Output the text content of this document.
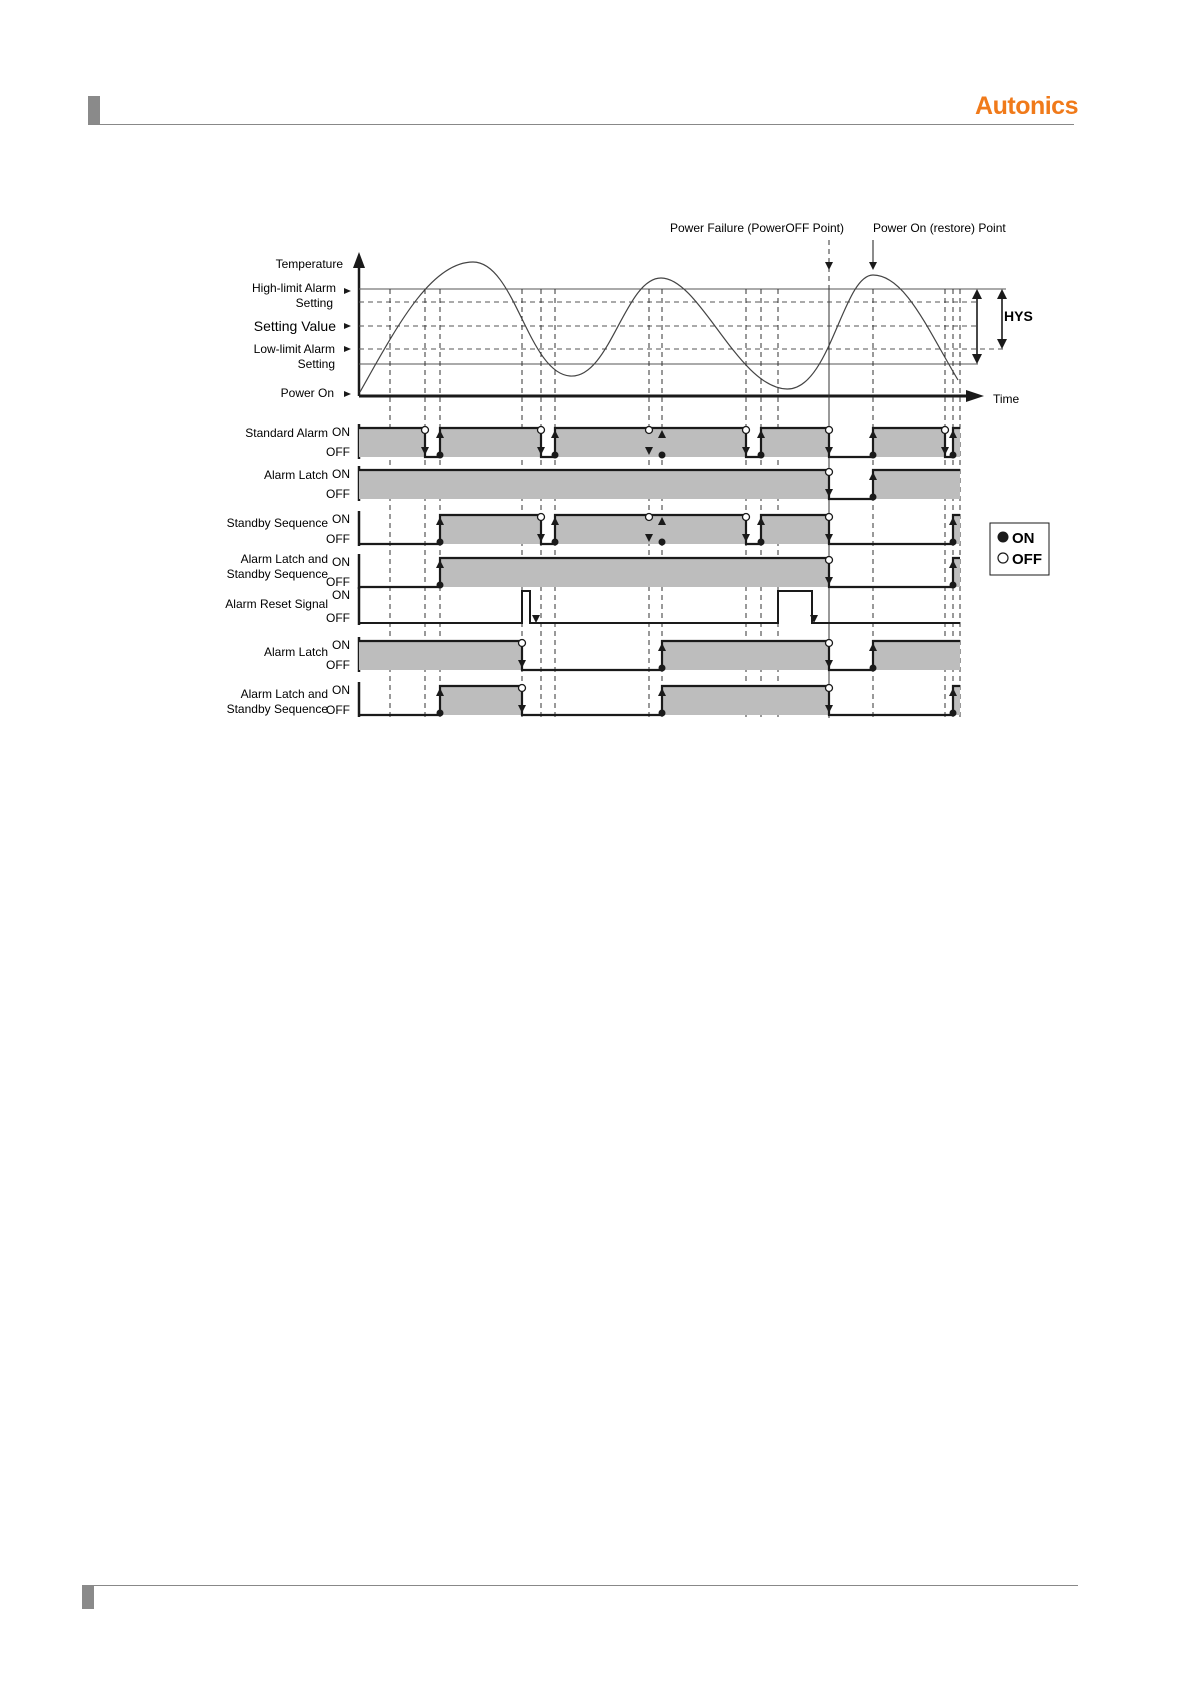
Autonics
Power Failure (PowerOFF Point) Power On (restore) Point
Temperature
High-limit Alarm
Setting
Setting Value
Low-limit Alarm
Setting
Power On	Time
HYS
ON
OFF
Standard Alarm
ON
OFF
Alarm Latch
ON
OFF
Standby Sequence
ON
OFF
Alarm Latch and
Standby Sequence
ON
OFF
Alarm Reset Signal
ON
OFF
Alarm Latch
ON
OFF
Alarm Latch and
Standby Sequence
ON
OFF
